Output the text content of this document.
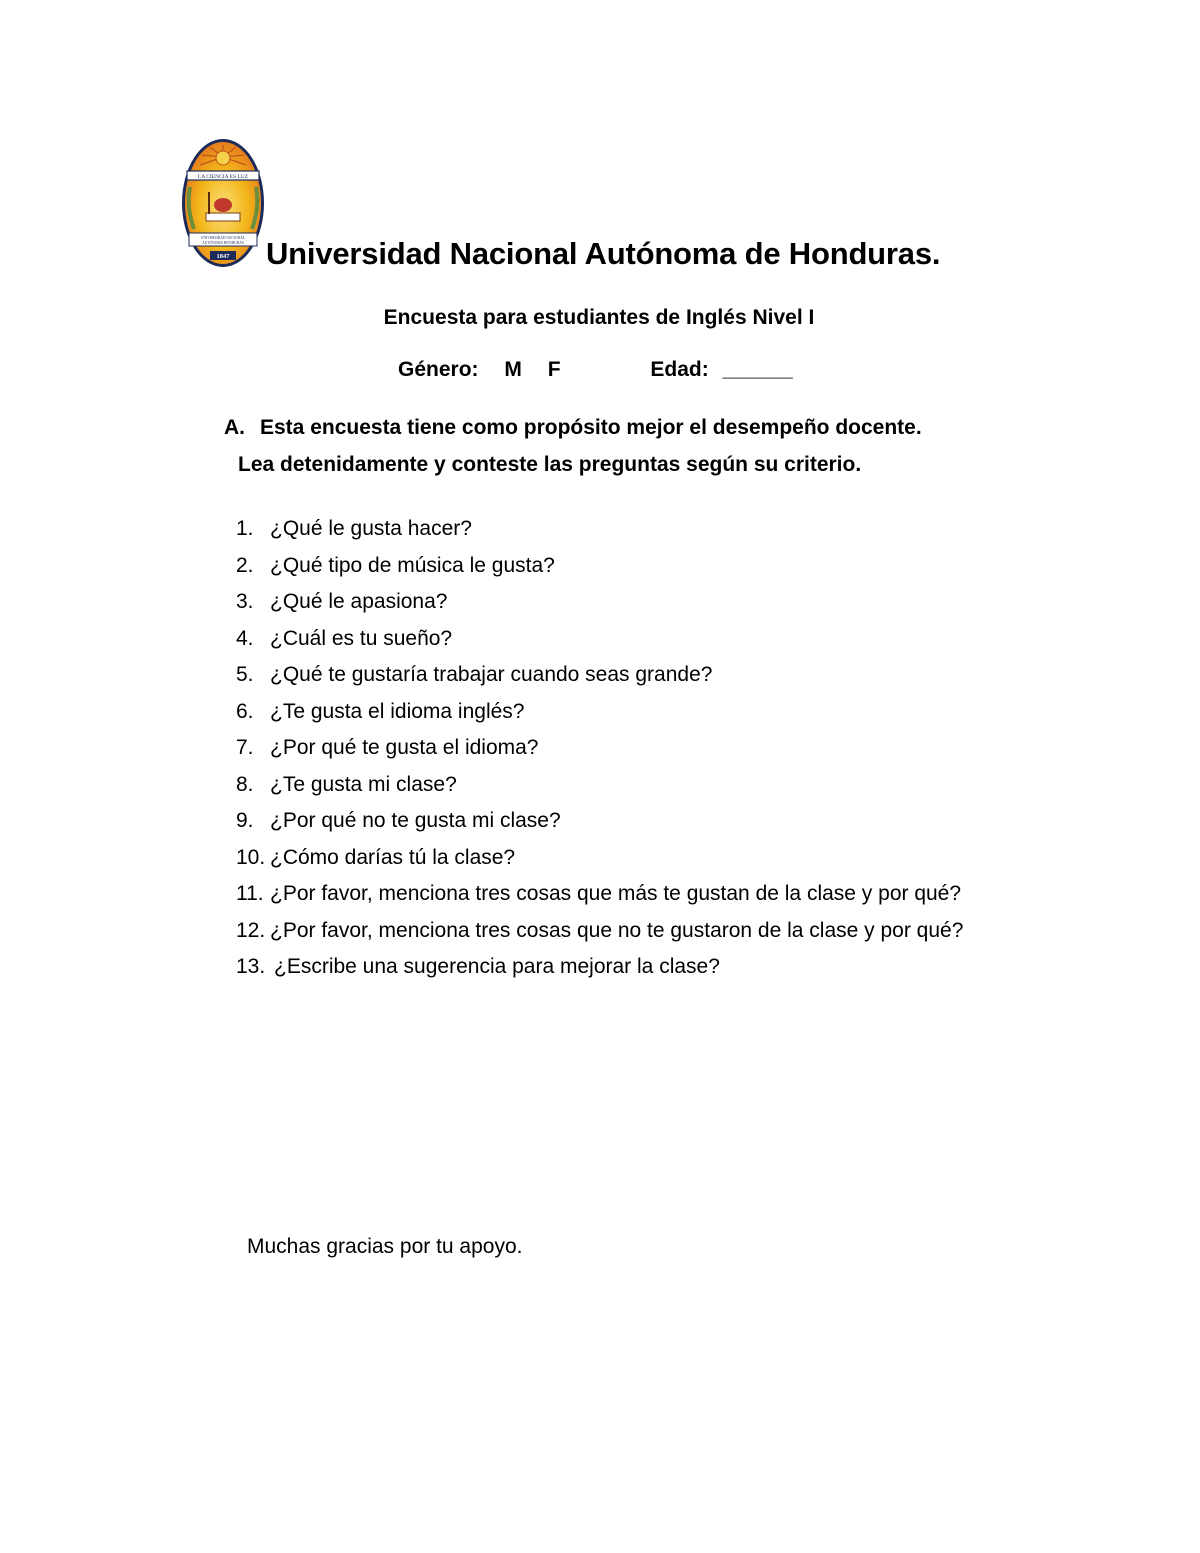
LA CIENCIA ES LUZ
UNIVERSIDAD NACIONAL
AUTÓNOMA HONDURAS
1847 Universidad Nacional Autónoma de Honduras.
Encuesta para estudiantes de Inglés Nivel I
Género: M F	Edad: ______
A. Esta encuesta tiene como propósito mejor el desempeño docente.
Lea detenidamente y conteste las preguntas según su criterio.
1. ¿Qué le gusta hacer?
2. ¿Qué tipo de música le gusta?
3. ¿Qué le apasiona?
4. ¿Cuál es tu sueño?
5. ¿Qué te gustaría trabajar cuando seas grande?
6. ¿Te gusta el idioma inglés?
7. ¿Por qué te gusta el idioma?
8. ¿Te gusta mi clase?
9. ¿Por qué no te gusta mi clase?
10. ¿Cómo darías tú la clase?
11. ¿Por favor, menciona tres cosas que más te gustan de la clase y por qué?
12. ¿Por favor, menciona tres cosas que no te gustaron de la clase y por qué?
13. ¿Escribe una sugerencia para mejorar la clase?
Muchas gracias por tu apoyo.
